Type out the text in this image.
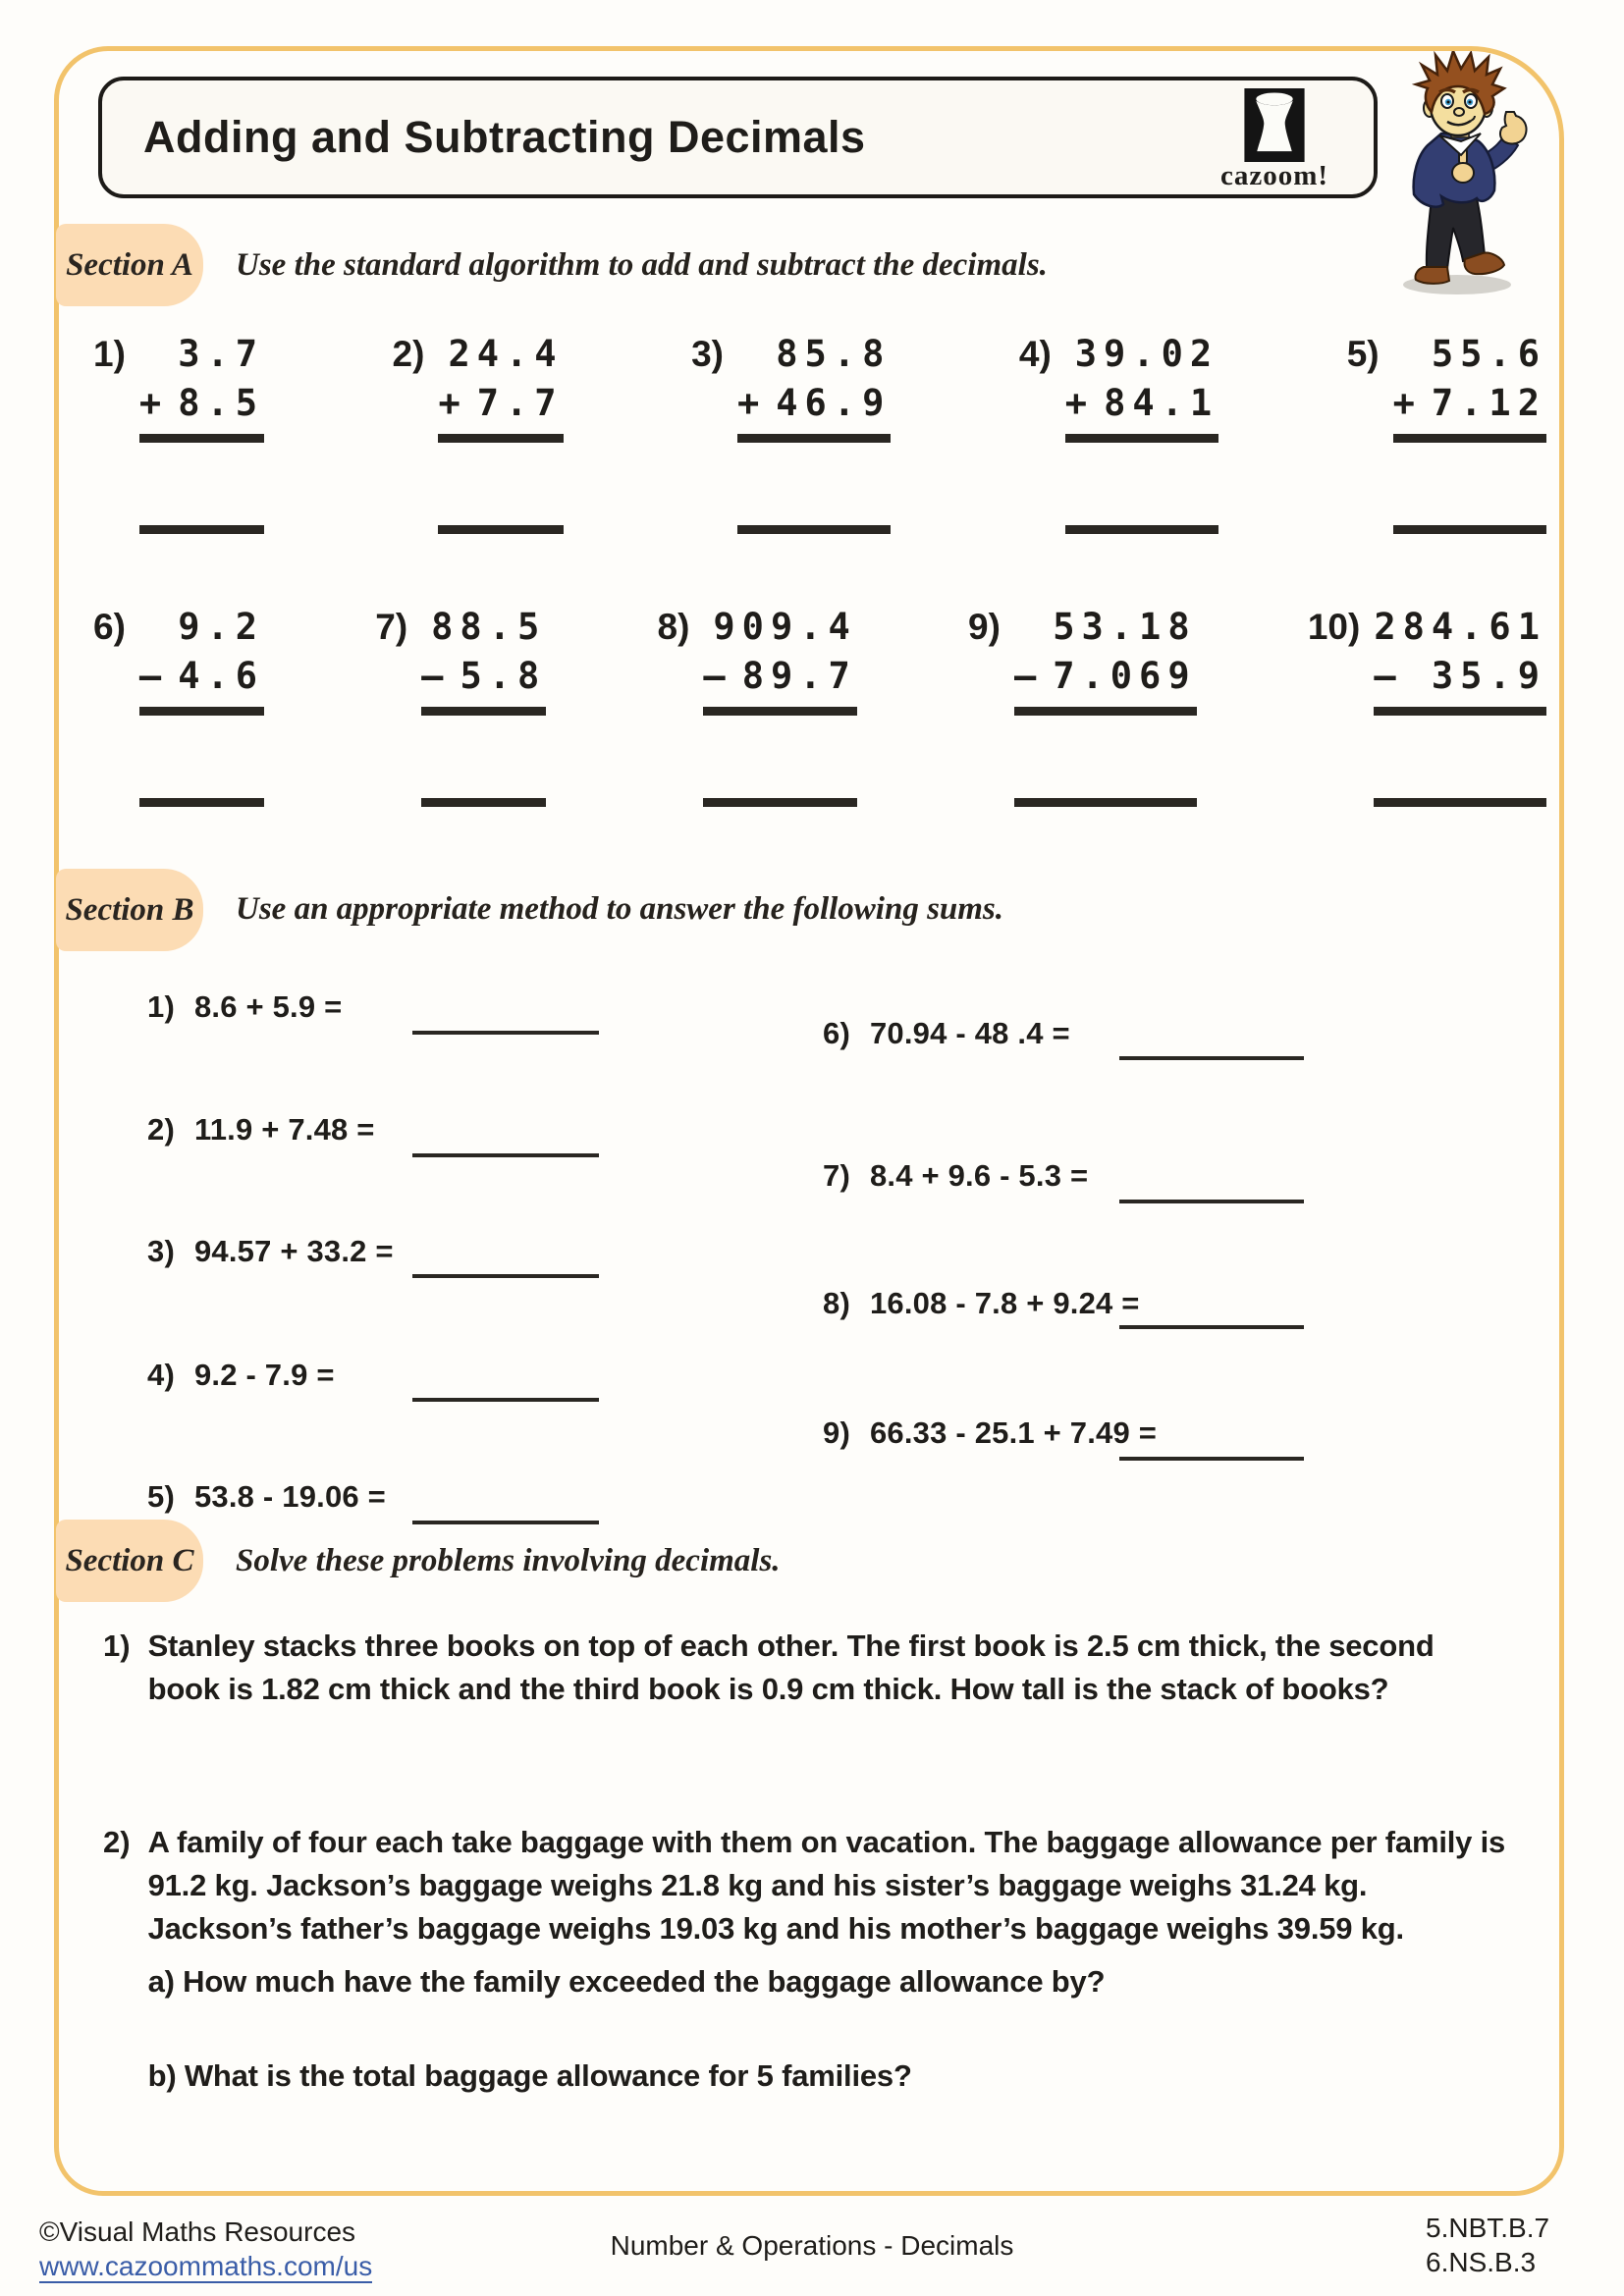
Adding and Subtracting Decimals
cazoom!
Section A Use the standard algorithm to add and subtract the decimals.
1) 3.7
+ 8.5
2) 24.4
+ 7.7
3) 85.8
+ 46.9
4) 39.02
+ 84.1
5) 55.6
+ 7.12
6) 9.2
– 4.6
7) 88.5
– 5.8
8) 909.4
– 89.7
9) 53.18
– 7.069
10) 284.61
– 35.9
Section B Use an appropriate method to answer the following sums.
1) 8.6 + 5.9 =
2) 11.9 + 7.48 =
3) 94.57 + 33.2 =
4) 9.2 - 7.9 =
5) 53.8 - 19.06 =
6) 70.94 - 48 .4 =
7) 8.4 + 9.6 - 5.3 =
8) 16.08 - 7.8 + 9.24 =
9) 66.33 - 25.1 + 7.49 =
Section C Solve these problems involving decimals.
1) Stanley stacks three books on top of each other. The first book is 2.5 cm thick, the second book is 1.82 cm thick and the third book is 0.9 cm thick. How tall is the stack of books?

2) A family of four each take baggage with them on vacation. The baggage allowance per family is 91.2 kg. Jackson’s baggage weighs 21.8 kg and his sister’s baggage weighs 31.24 kg. Jackson’s father’s baggage weighs 19.03 kg and his mother’s baggage weighs 39.59 kg.

a) How much have the family exceeded the baggage allowance by?

b) What is the total baggage allowance for 5 families?

©Visual Maths Resources
www.cazoommaths.com/us
Number & Operations - Decimals
5.NBT.B.7
6.NS.B.3
